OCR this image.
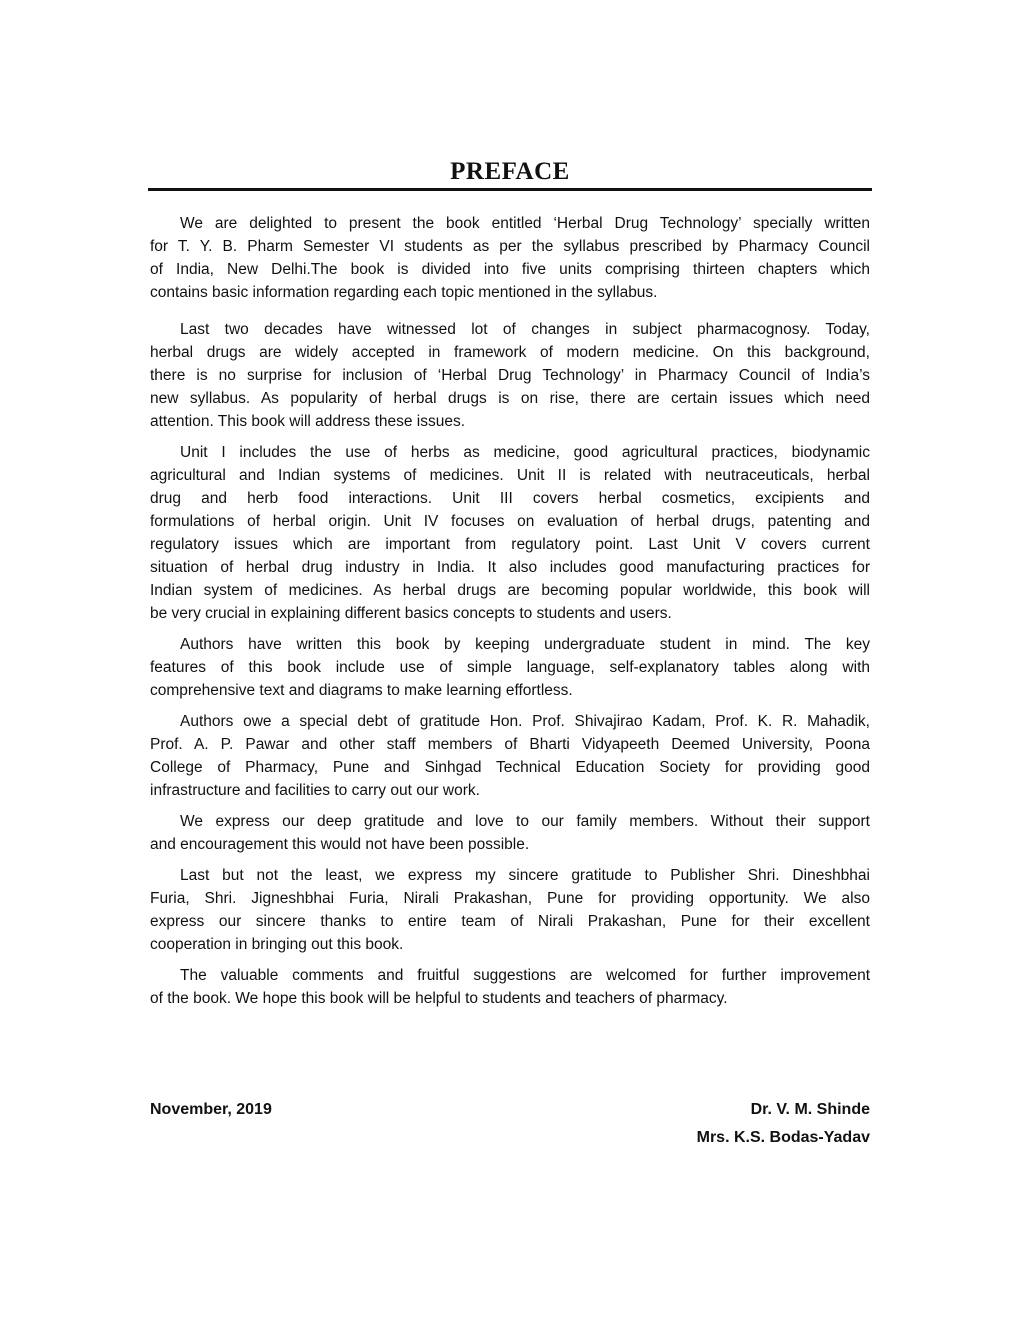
PREFACE
We are delighted to present the book entitled ‘Herbal Drug Technology’ specially written
for T. Y. B. Pharm Semester VI students as per the syllabus prescribed by Pharmacy Council
of India, New Delhi.The book is divided into five units comprising thirteen chapters which
contains basic information regarding each topic mentioned in the syllabus.
Last two decades have witnessed lot of changes in subject pharmacognosy. Today,
herbal drugs are widely accepted in framework of modern medicine. On this background,
there is no surprise for inclusion of ‘Herbal Drug Technology’ in Pharmacy Council of India’s
new syllabus. As popularity of herbal drugs is on rise, there are certain issues which need
attention. This book will address these issues.
Unit I includes the use of herbs as medicine, good agricultural practices, biodynamic
agricultural and Indian systems of medicines. Unit II is related with neutraceuticals, herbal
drug and herb food interactions. Unit III covers herbal cosmetics, excipients and
formulations of herbal origin. Unit IV focuses on evaluation of herbal drugs, patenting and
regulatory issues which are important from regulatory point. Last Unit V covers current
situation of herbal drug industry in India. It also includes good manufacturing practices for
Indian system of medicines. As herbal drugs are becoming popular worldwide, this book will
be very crucial in explaining different basics concepts to students and users.
Authors have written this book by keeping undergraduate student in mind. The key
features of this book include use of simple language, self-explanatory tables along with
comprehensive text and diagrams to make learning effortless.
Authors owe a special debt of gratitude Hon. Prof. Shivajirao Kadam, Prof. K. R. Mahadik,
Prof. A. P. Pawar and other staff members of Bharti Vidyapeeth Deemed University, Poona
College of Pharmacy, Pune and Sinhgad Technical Education Society for providing good
infrastructure and facilities to carry out our work.
We express our deep gratitude and love to our family members. Without their support
and encouragement this would not have been possible.
Last but not the least, we express my sincere gratitude to Publisher Shri. Dineshbhai
Furia, Shri. Jigneshbhai Furia, Nirali Prakashan, Pune for providing opportunity. We also
express our sincere thanks to entire team of Nirali Prakashan, Pune for their excellent
cooperation in bringing out this book.
The valuable comments and fruitful suggestions are welcomed for further improvement
of the book. We hope this book will be helpful to students and teachers of pharmacy.
November, 2019	Dr. V. M. Shinde
Mrs. K.S. Bodas-Yadav
